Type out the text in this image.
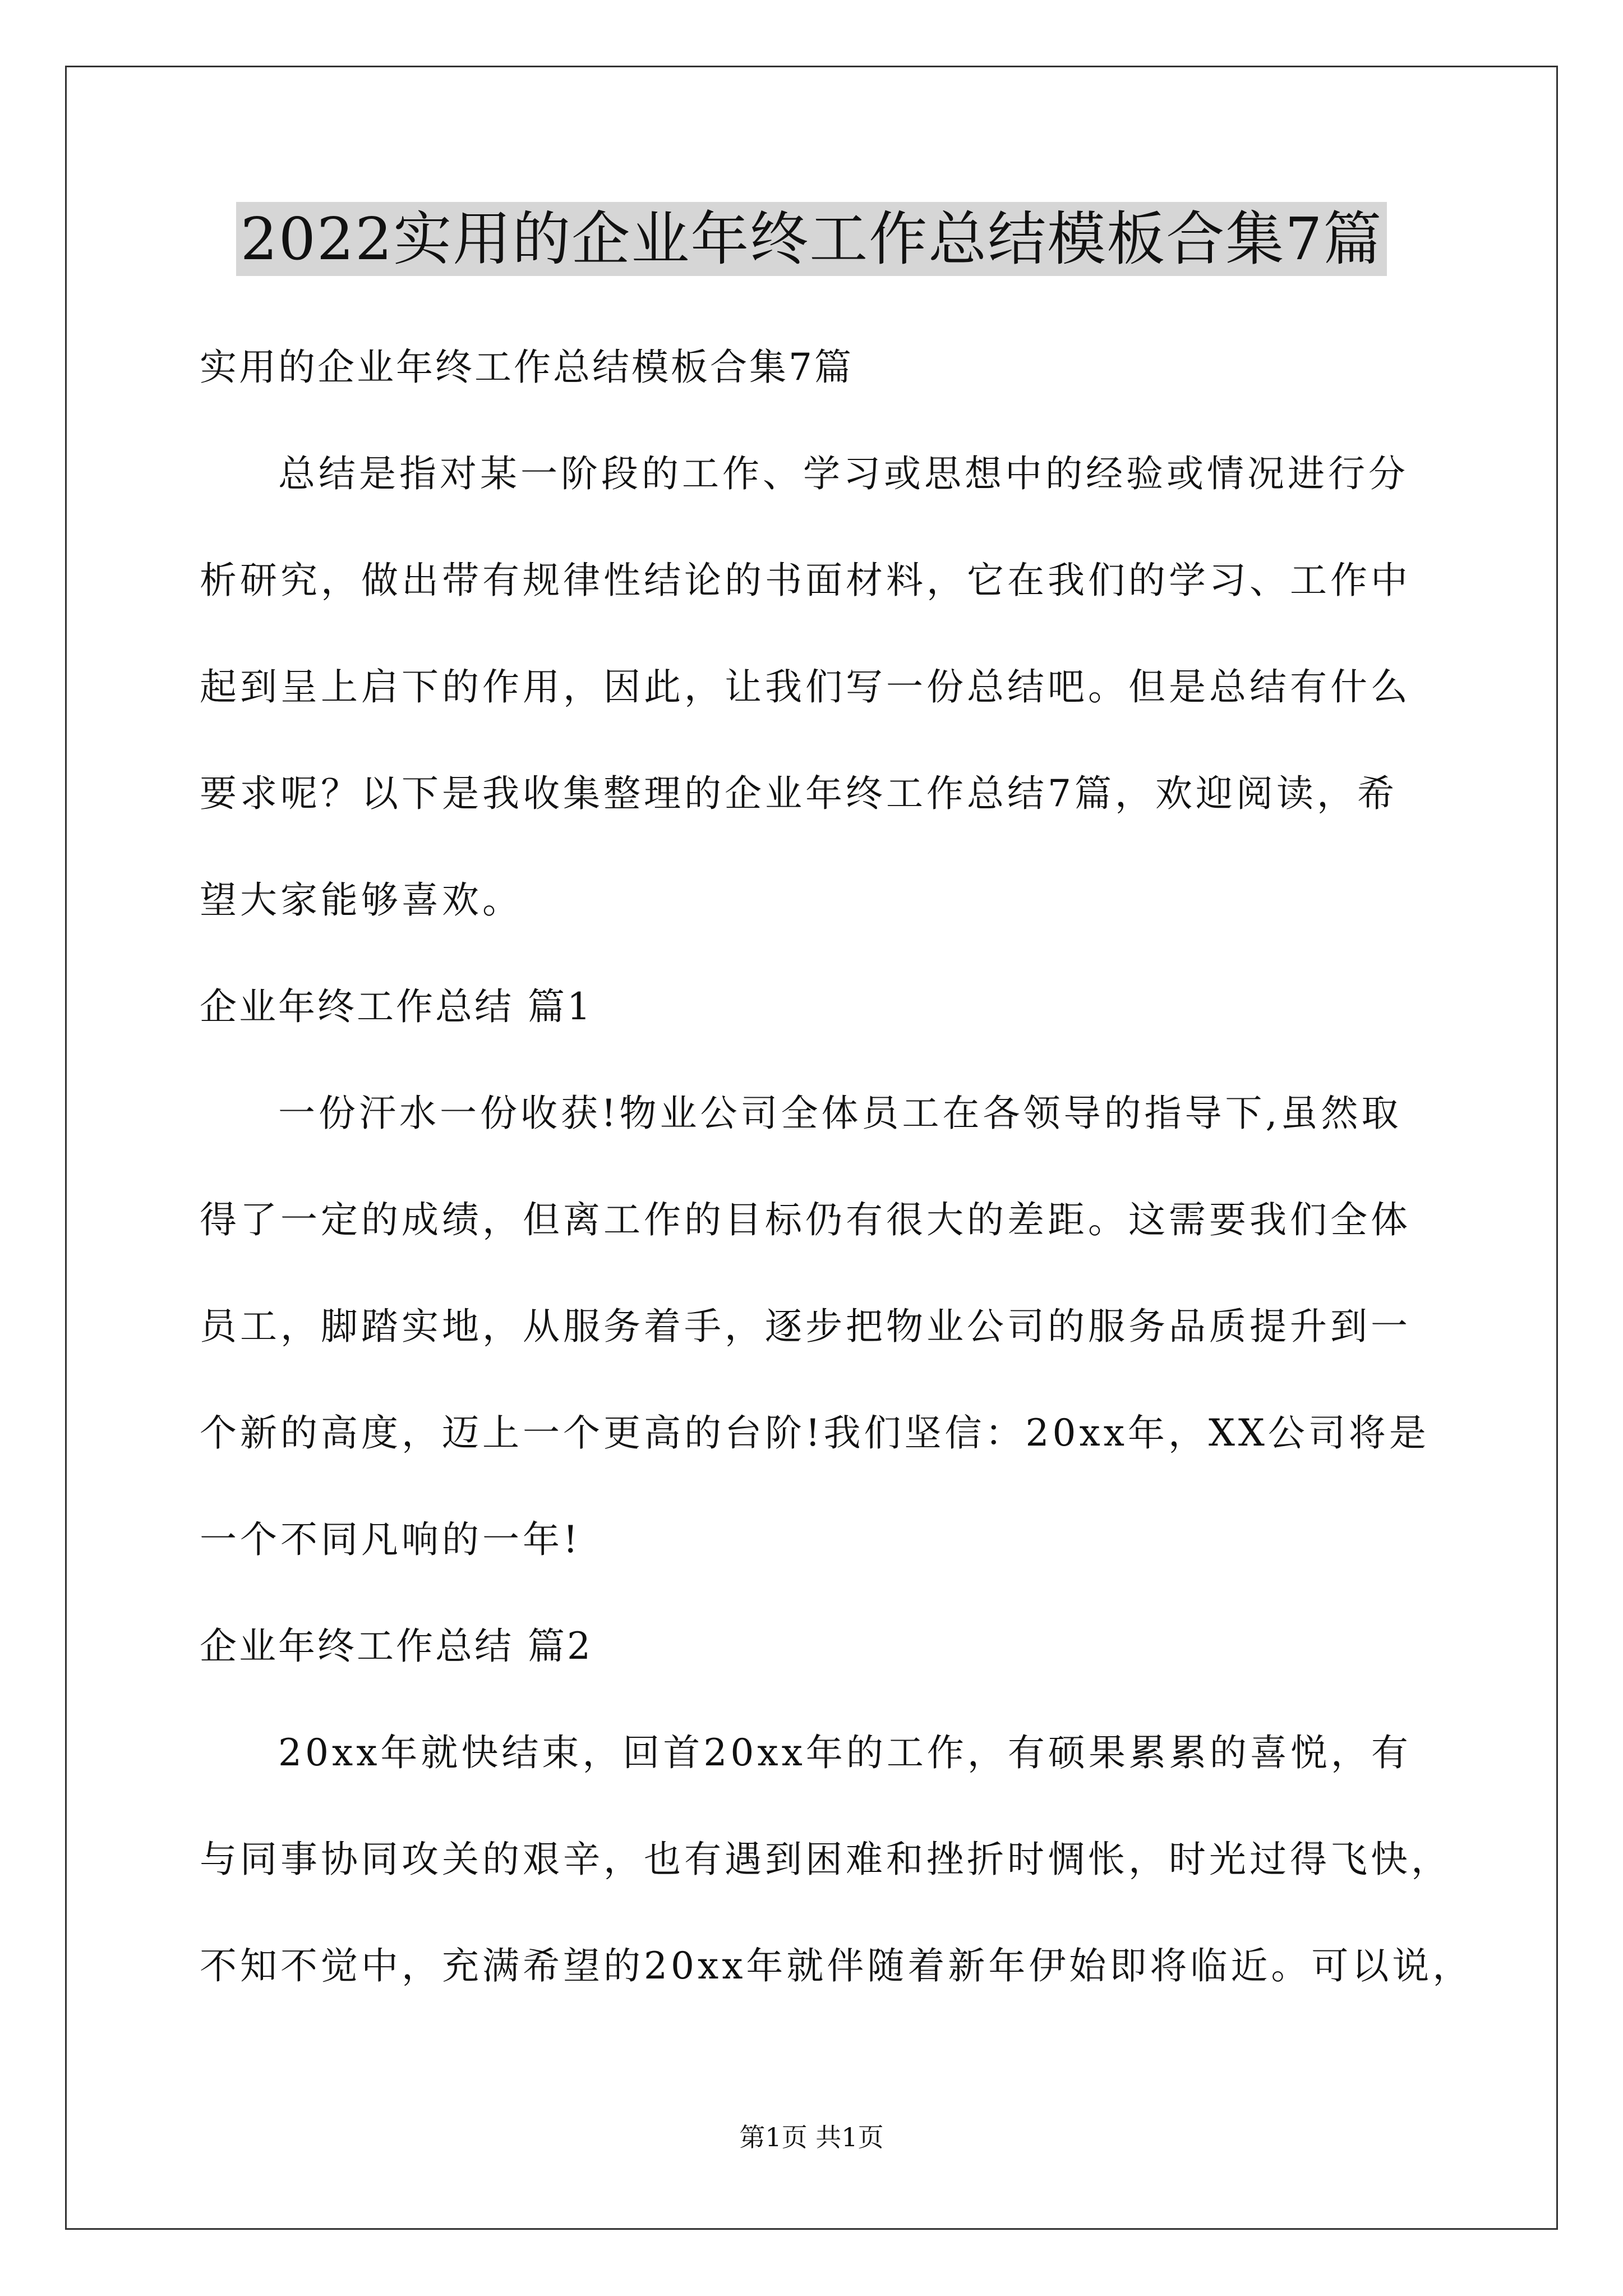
2022实用的企业年终工作总结模板合集7篇
实用的企业年终工作总结模板合集7篇
总结是指对某一阶段的工作、学习或思想中的经验或情况进行分
析研究，做出带有规律性结论的书面材料，它在我们的学习、工作中
起到呈上启下的作用，因此，让我们写一份总结吧。但是总结有什么
要求呢？以下是我收集整理的企业年终工作总结7篇，欢迎阅读，希
望大家能够喜欢。
企业年终工作总结 篇1
一份汗水一份收获!物业公司全体员工在各领导的指导下,虽然取
得了一定的成绩，但离工作的目标仍有很大的差距。这需要我们全体
员工，脚踏实地，从服务着手，逐步把物业公司的服务品质提升到一
个新的高度，迈上一个更高的台阶!我们坚信：20xx年，XX公司将是
一个不同凡响的一年!
企业年终工作总结 篇2
20xx年就快结束，回首20xx年的工作，有硕果累累的喜悦，有
与同事协同攻关的艰辛，也有遇到困难和挫折时惆怅，时光过得飞快，
不知不觉中，充满希望的20xx年就伴随着新年伊始即将临近。可以说，
第1页 共1页
